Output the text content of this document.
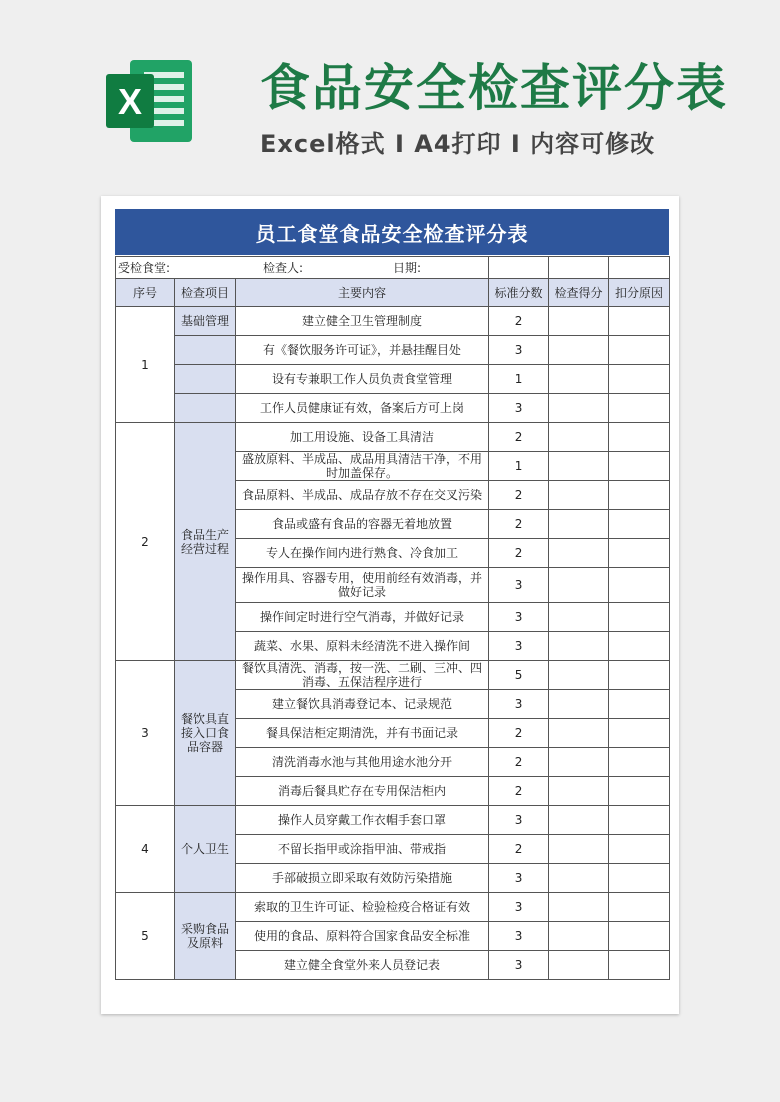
X 食品安全检查评分表
Excel格式 I A4打印 I 内容可修改
员工食堂食品安全检查评分表
受检食堂: 检查人: 日期:					
序号	检查项目	主要内容	标准分数	检查得分	扣分原因
1	基础管理	建立健全卫生管理制度	2		
		有《餐饮服务许可证》，并悬挂醒目处	3		
		设有专兼职工作人员负责食堂管理	1		
		工作人员健康证有效，备案后方可上岗	3		
2	食品生产经营过程	加工用设施、设备工具清洁	2		
		盛放原料、半成品、成品用具清洁干净，不用时加盖保存。	1		
		食品原料、半成品、成品存放不存在交叉污染	2		
		食品或盛有食品的容器无着地放置	2		
		专人在操作间内进行熟食、冷食加工	2		
		操作用具、容器专用，使用前经有效消毒，并做好记录	3		
		操作间定时进行空气消毒，并做好记录	3		
		蔬菜、水果、原料未经清洗不进入操作间	3		
3	餐饮具直接入口食品容器	餐饮具清洗、消毒，按一洗、二刷、三冲、四消毒、五保洁程序进行	5		
		建立餐饮具消毒登记本、记录规范	3		
		餐具保洁柜定期清洗，并有书面记录	2		
		清洗消毒水池与其他用途水池分开	2		
		消毒后餐具贮存在专用保洁柜内	2		
4	个人卫生	操作人员穿戴工作衣帽手套口罩	3		
		不留长指甲或涂指甲油、带戒指	2		
		手部破损立即采取有效防污染措施	3		
5	采购食品及原料	索取的卫生许可证、检验检疫合格证有效	3		
		使用的食品、原料符合国家食品安全标准	3		
		建立健全食堂外来人员登记表	3		
